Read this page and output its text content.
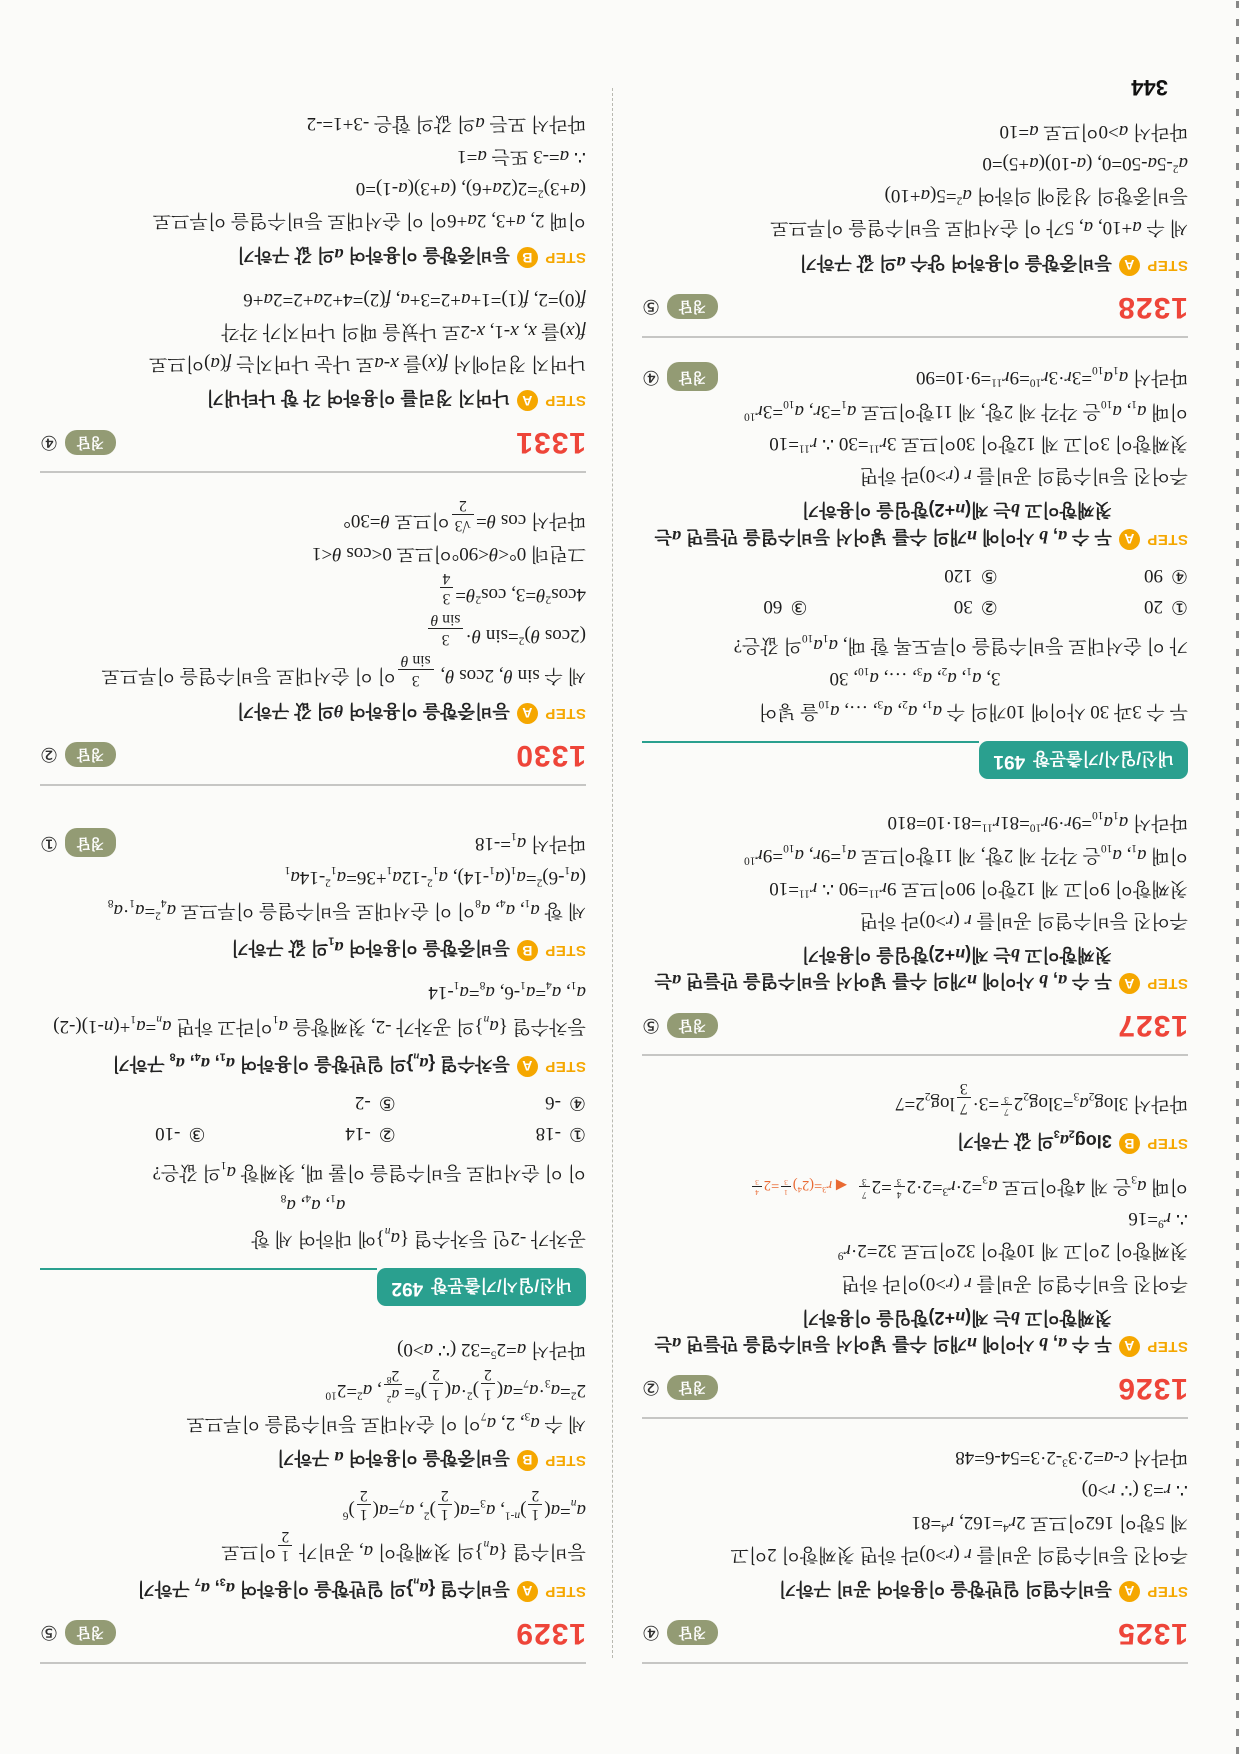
1325
정답
④
STEP
A
등비수열의 일반항을 이용하여 공비 구하기
주어진 등비수열의 공비를 r (r>0)라 하면 첫째항이 2이고
제 5항이 162이므로 $2r^4=162$, $r^4=81$
∴ r=3 (∵ r>0)
따라서 $c-a=2\cdot 3^3-2\cdot 3=54-6=48$
1326
정답
②
STEP
A
두 수 a, b 사이에 n개의 수를 넣어서 등비수열을 만들면 a는 첫째항이고 b는 제(n+2)항임을 이용하기
주어진 등비수열의 공비를 r (r>0)이라 하면
첫째항이 2이고 제 10항이 32이므로 $32=2\cdot r^9$
∴ $r^9=16$
이때 $a_3$은 제 4항이므로 $a_3=2\cdot r^3=2\cdot 2$
$^{4 3}$
=2
$^{7 3}$
◀ $r^3=(2^4)$
$^{1 3}$
=2
$^{4 3}$
STEP
B
$3\log_2a_3$의 값 구하기
따라서 $3\log_2a_3=3\log_22$
$^{7 3}$
=3·
7
3
$\log_22=7$
1327
정답
⑤
STEP
A
두 수 a, b 사이에 n개의 수를 넣어서 등비수열을 만들면 a는 첫째항이고 b는 제(n+2)항임을 이용하기
주어진 등비수열의 공비를 r (r>0)라 하면
첫째항이 9이고 제 12항이 90이므로 $9r^{11}=90$ ∴ $r^{11}=10$
이때 $a_1$, $a_{10}$은 각각 제 2항, 제 11항이므로 $a_1=9r$, $a_{10}=9r^{10}$
따라서 $a_1a_{10}=9r\cdot 9r^{10}=81r^{11}=81\cdot 10=810$
내신/입시/기출문항
491
두 수 3과 30 사이에 10개의 수 $a_1$, $a_2$, $a_3$, …, $a_{10}$을 넣어
3, $a_1$, $a_2$, $a_3$, …, $a_{10}$, 30
가 이 순서대로 등비수열을 이루도록 할 때, $a_1a_{10}$의 값은?
①20
②30
③60
④90
⑤120
STEP
A
두 수 a, b 사이에 n개의 수를 넣어서 등비수열을 만들면 a는 첫째항이고 b는 제(n+2)항임을 이용하기
주어진 등비수열의 공비를 r (r>0)라 하면
첫째항이 3이고 제 12항이 30이므로 $3r^{11}=30$ ∴ $r^{11}=10$
이때 $a_1$, $a_{10}$은 각각 제 2항, 제 11항이므로 $a_1=3r$, $a_{10}=3r^{10}$
따라서 $a_1a_{10}=3r\cdot 3r^{10}=9r^{11}=9\cdot 10=90$
정답
④
1328
정답
⑤
STEP
A
등비중항을 이용하여 양수 a의 값 구하기
세 수 a+10, a, 5가 이 순서대로 등비수열을 이루므로
등비중항의 성질에 의하여 $a^2=5(a+10)$
$a^2-5a-50=0$, (a-10)(a+5)=0
따라서 a>0이므로 a=10
1329
정답
⑤
STEP
A
등비수열 $\{a_n\}$의 일반항을 이용하여 $a_3$, $a_7$ 구하기
등비수열 $\{a_n\}$의 첫째항이 a, 공비가
1
2
이므로
$a_n=a$(
1
2
)$^{n-1}$, $a_3=a$(
1
2
)$^2$, $a_7=a$(
1
2
)$^6$
STEP
B
등비중항을 이용하여 a 구하기
세 수 $a_3$, 2, $a_7$이 이 순서대로 등비수열을 이루므로
$2^2=a_3\cdot a_7=a$(
1
2
)$^2$·a(
1
2
)$^6$=
$a^2$
$2^8$
, $a^2=2^{10}$
따라서 $a=2^5=32$ (∵ a>0)
내신/입시/기출문항
492
공차가 -2인 등차수열 $\{a_n\}$에 대하여 세 항
$a_1$, $a_4$, $a_8$
이 이 순서대로 등비수열을 이룰 때, 첫째항 $a_1$의 값은?
①-18
②-14
③-10
④-6
⑤-2
STEP
A
등차수열 $\{a_n\}$의 일반항을 이용하여 $a_1$, $a_4$, $a_8$ 구하기
등차수열 $\{a_n\}$의 공차가 -2, 첫째항을 $a_1$이라고 하면 $a_n=a_1+(n-1)(-2)$
$a_1$, $a_4=a_1-6$, $a_8=a_1-14$
STEP
B
등비중항을 이용하여 $a_1$의 값 구하기
세 항 $a_1$, $a_4$, $a_8$이 이 순서대로 등비수열을 이루므로 $a_4^2=a_1\cdot a_8$
$(a_1-6)^2=a_1(a_1-14)$, $a_1^2-12a_1+36=a_1^2-14a_1$
따라서 $a_1=-18$
정답
①
1330
정답
②
STEP
A
등비중항을 이용하여 θ의 값 구하기
세 수 sin θ, 2cos θ,
3
sin θ
이 이 순서대로 등비수열을 이루므로
(2cos θ)$^2$=sin θ·
3
sin θ
$4\cos^2\theta=3$, $\cos^2\theta=$
3
4
그런데 0°<θ<90°이므로 0<cos θ<1
따라서 cos θ=
√3
2
이므로 θ=30°
1331
정답
④
STEP
A
나머지 정리를 이용하여 각 항 나타내기
나머지 정리에서 f(x)를 x-a로 나눈 나머지는 f(a)이므로
f(x)를 x, x-1, x-2로 나눴을 때의 나머지가 각각
f(0)=2, f(1)=1+a+2=3+a, f(2)=4+2a+2=2a+6
STEP
B
등비중항을 이용하여 a의 값 구하기
이때 2, a+3, 2a+6이 이 순서대로 등비수열을 이루므로
$(a+3)^2=2(2a+6)$, (a+3)(a-1)=0
∴ a=-3 또는 a=1
따라서 모든 a의 값의 합은 -3+1=-2
344
